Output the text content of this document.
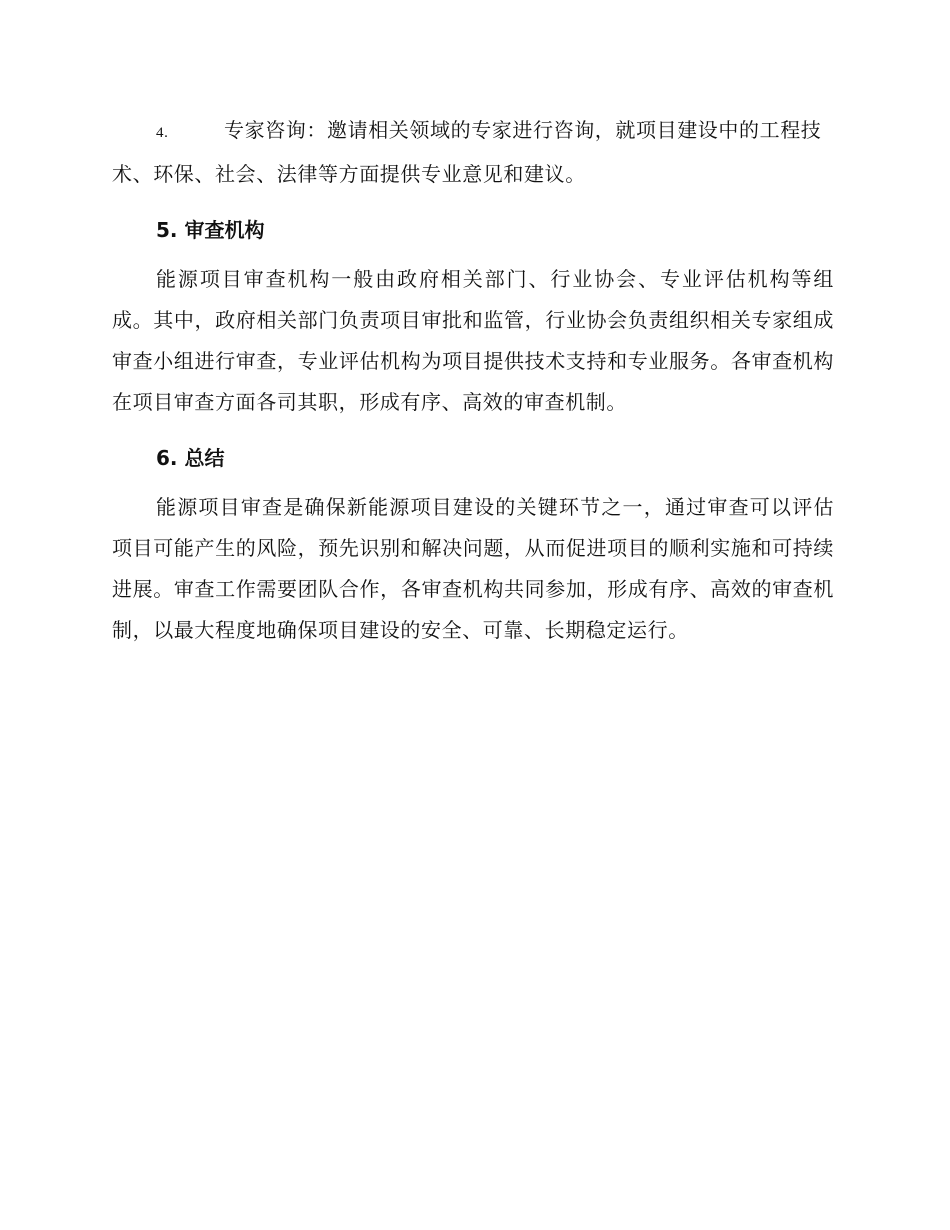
4.	专家咨询：邀请相关领域的专家进行咨询，就项目建设中的工程技术、环保、社会、法律等方面提供专业意见和建议。

5. 审查机构

能源项目审查机构一般由政府相关部门、行业协会、专业评估机构等组成。其中，政府相关部门负责项目审批和监管，行业协会负责组织相关专家组成审查小组进行审查，专业评估机构为项目提供技术支持和专业服务。各审查机构在项目审查方面各司其职，形成有序、高效的审查机制。

6. 总结

能源项目审查是确保新能源项目建设的关键环节之一，通过审查可以评估项目可能产生的风险，预先识别和解决问题，从而促进项目的顺利实施和可持续进展。审查工作需要团队合作，各审查机构共同参加，形成有序、高效的审查机制，以最大程度地确保项目建设的安全、可靠、长期稳定运行。
